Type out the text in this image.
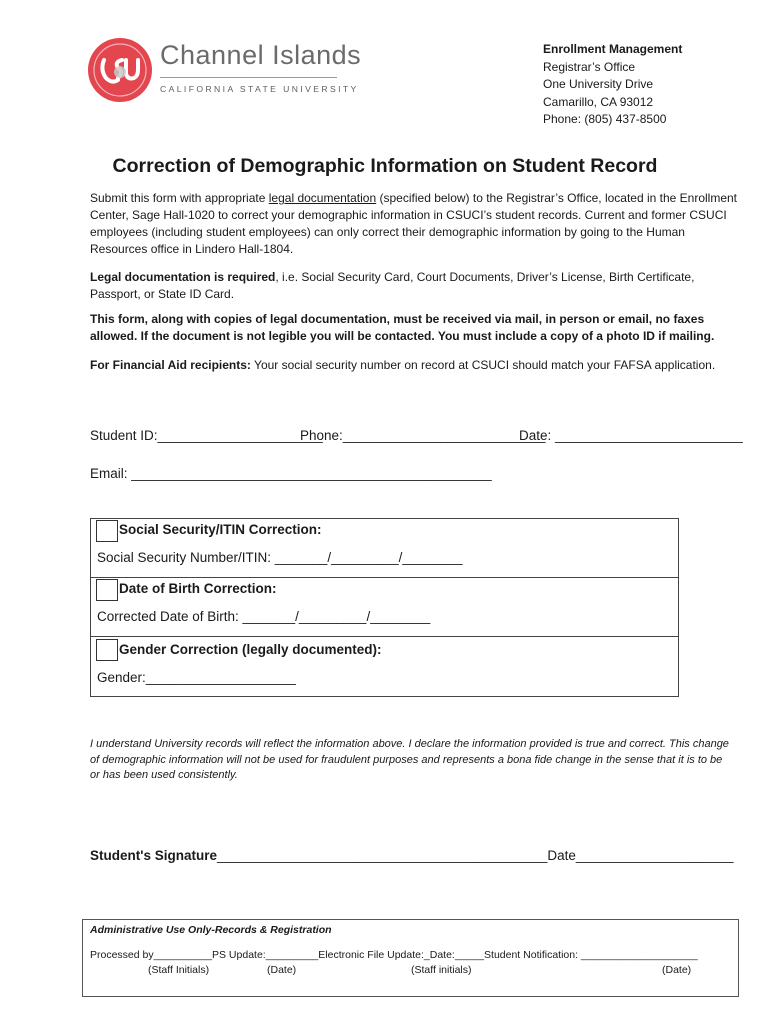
Channel Islands
CALIFORNIA STATE UNIVERSITY
Enrollment Management
Registrar’s Office
One University Drive
Camarillo, CA 93012
Phone: (805) 437-8500
Correction of Demographic Information on Student Record
Submit this form with appropriate legal documentation (specified below) to the Registrar’s Office, located in the Enrollment Center, Sage Hall-1020 to correct your demographic information in CSUCI’s student records. Current and former CSUCI employees (including student employees) can only correct their demographic information by going to the Human Resources office in Lindero Hall-1804.
Legal documentation is required, i.e. Social Security Card, Court Documents, Driver’s License, Birth Certificate, Passport, or State ID Card.
This form, along with copies of legal documentation, must be received via mail, in person or email, no faxes allowed. If the document is not legible you will be contacted. You must include a copy of a photo ID if mailing.
For Financial Aid recipients: Your social security number on record at CSUCI should match your FAFSA application.
Student ID:______________________
Phone:___________________________
Date: _________________________
Email: ________________________________________________
Social Security/ITIN Correction:
Social Security Number/ITIN: _______/_________/________
Date of Birth Correction:
Corrected Date of Birth: _______/_________/________
Gender Correction (legally documented):
Gender:____________________
I understand University records will reflect the information above. I declare the information provided is true and correct. This change of demographic information will not be used for fraudulent purposes and represents a bona fide change in the sense that it is to be or has been used consistently.
Student's Signature____________________________________________Date_____________________
Administrative Use Only-Records & Registration
Processed by__________PS Update:_________Electronic File Update:_Date:_____Student Notification: ____________________
(Staff Initials)	(Date)	(Staff initials)	(Date)
